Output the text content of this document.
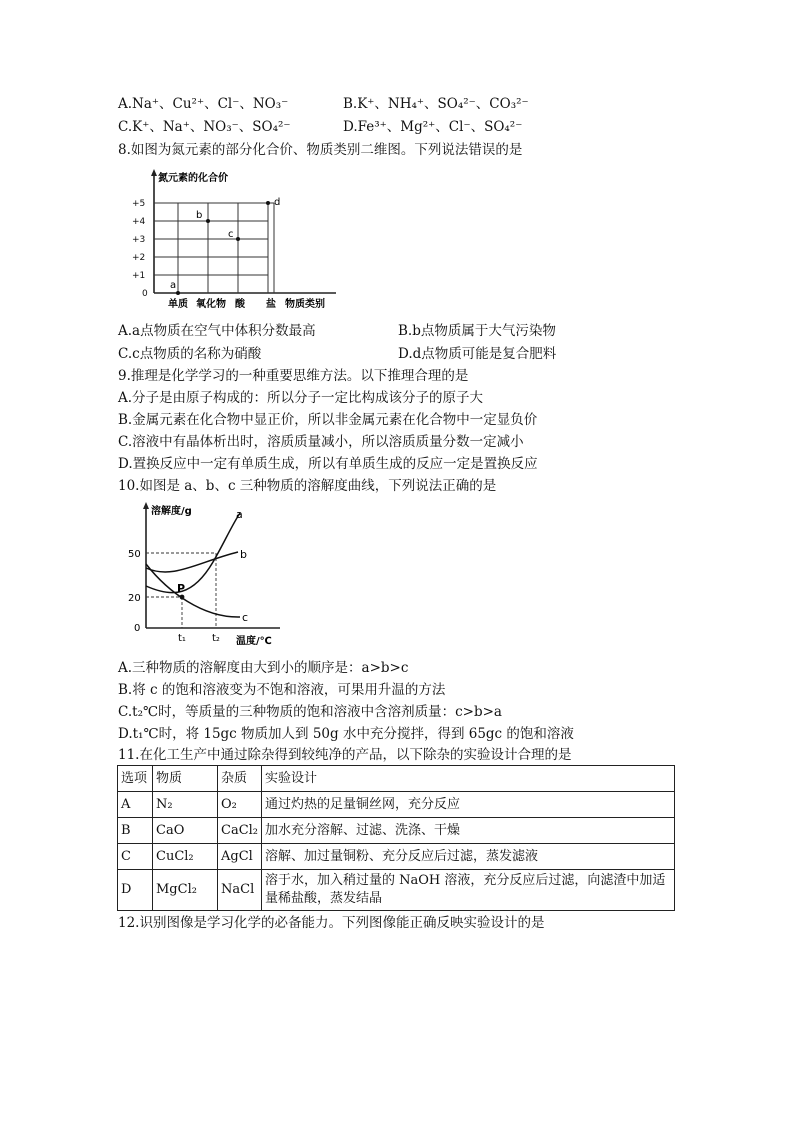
A.Na⁺、Cu²⁺、Cl⁻、NO₃⁻	B.K⁺、NH₄⁺、SO₄²⁻、CO₃²⁻
C.K⁺、Na⁺、NO₃⁻、SO₄²⁻	D.Fe³⁺、Mg²⁺、Cl⁻、SO₄²⁻
8.如图为氮元素的部分化合价、物质类别二维图。下列说法错误的是
+5
+4
+3
+2
+1
0
氮元素的化合价
单质 氧化物 酸 盐 物质类别
a
b
c
d
A.a点物质在空气中体积分数最高	B.b点物质属于大气污染物
C.c点物质的名称为硝酸	D.d点物质可能是复合肥料
9.推理是化学学习的一种重要思维方法。以下推理合理的是
A.分子是由原子构成的：所以分子一定比构成该分子的原子大
B.金属元素在化合物中显正价，所以非金属元素在化合物中一定显负价
C.溶液中有晶体析出时，溶质质量减小，所以溶质质量分数一定减小
D.置换反应中一定有单质生成，所以有单质生成的反应一定是置换反应
10.如图是 a、b、c 三种物质的溶解度曲线，下列说法正确的是
溶解度/g
50
20
0
P
a
b
c
t₁	t₂ 温度/℃
A.三种物质的溶解度由大到小的顺序是：a>b>c
B.将 c 的饱和溶液变为不饱和溶液，可果用升温的方法
C.t₂℃时，等质量的三种物质的饱和溶液中含溶剂质量：c>b>a
D.t₁℃时，将 15gc 物质加人到 50g 水中充分搅拌，得到 65gc 的饱和溶液
11.在化工生产中通过除杂得到较纯净的产品，以下除杂的实验设计合理的是
选项	物质	杂质	实验设计
A	N₂	O₂	通过灼热的足量铜丝网，充分反应
B	CaO	CaCl₂	加水充分溶解、过滤、洗涤、干燥
C	CuCl₂	AgCl	溶解、加过量铜粉、充分反应后过滤，蒸发滤液
D	MgCl₂	NaCl	溶于水，加入稍过量的 NaOH 溶液，充分反应后过滤，向滤渣中加适量稀盐酸，蒸发结晶
12.识别图像是学习化学的必备能力。下列图像能正确反映实验设计的是
